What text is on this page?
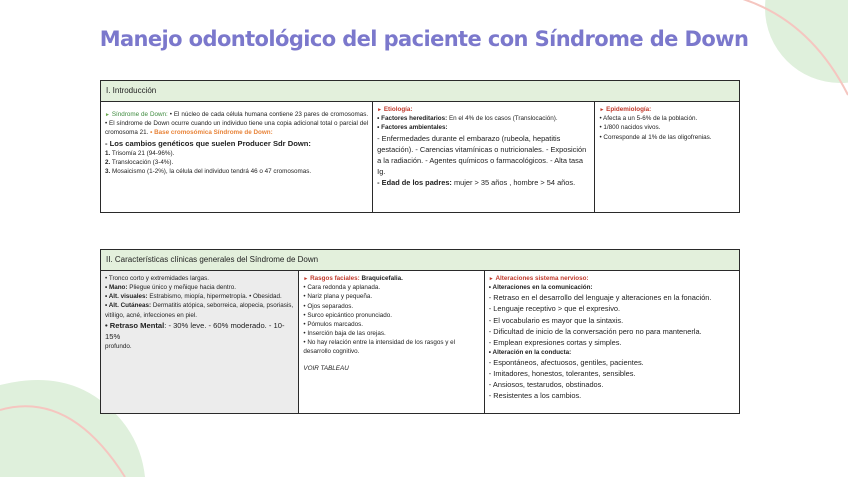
Manejo odontológico del paciente con Síndrome de Down
I. Introducción
► Síndrome de Down: • El núcleo de cada célula humana contiene 23 pares de cromosomas. • El síndrome de Down ocurre cuando un individuo tiene una copia adicional total o parcial del cromosoma 21. • Base cromosómica Síndrome de Down:
- Los cambios genéticos que suelen Producer Sdr Down:
1. Trisomía 21 (94-96%).
2. Translocación (3-4%).
3. Mosaicismo (1-2%), la célula del individuo tendrá 46 o 47 cromosomas.
► Etiología:
• Factores hereditarios: En el 4% de los casos (Translocación).
• Factores ambientales:
- Enfermedades durante el embarazo (rubeola, hepatitis gestación). - Carencias vitamínicas o nutricionales. - Exposición a la radiación. - Agentes químicos o farmacológicos. - Alta tasa Ig.
- Edad de los padres: mujer > 35 años , hombre > 54 años.
► Epidemiología:
• Afecta a un 5-6% de la población.
• 1/800 nacidos vivos.
• Corresponde al 1% de las oligofrenias.
II. Características clínicas generales del Síndrome de Down
• Tronco corto y extremidades largas.
• Mano: Pliegue único y meñique hacia dentro.
• Alt. visuales: Estrabismo, miopía, hipermetropía. • Obesidad.
• Alt. Cutáneas: Dermatitis atópica, seborreica, alopecia, psoriasis, vitíligo, acné, infecciones en piel.
• Retraso Mental: - 30% leve. - 60% moderado. - 10-15%
profundo.
► Rasgos faciales: Braquicefalia.
• Cara redonda y aplanada.
• Nariz plana y pequeña.
• Ojos separados.
• Surco epicántico pronunciado.
• Pómulos marcados.
• Inserción baja de las orejas.
• No hay relación entre la intensidad de los rasgos y el desarrollo cognitivo.
VOIR TABLEAU
► Alteraciones sistema nervioso:
• Alteraciones en la comunicación:
- Retraso en el desarrollo del lenguaje y alteraciones en la fonación.
- Lenguaje receptivo > que el expresivo.
- El vocabulario es mayor que la sintaxis.
- Dificultad de inicio de la conversación pero no para mantenerla.
- Emplean expresiones cortas y simples.
• Alteración en la conducta:
- Espontáneos, afectuosos, gentiles, pacientes.
- Imitadores, honestos, tolerantes, sensibles.
- Ansiosos, testarudos, obstinados.
- Resistentes a los cambios.
